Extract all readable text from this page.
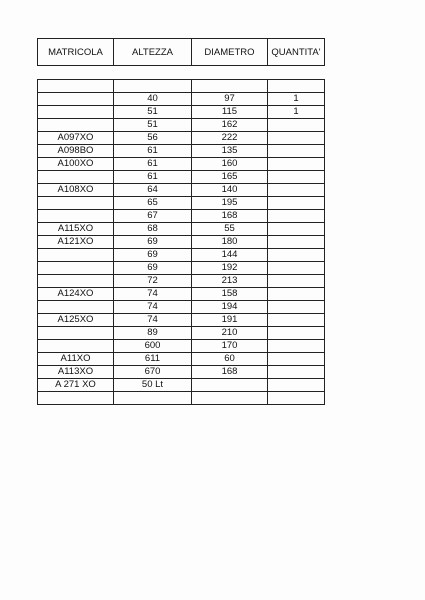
MATRICOLA	ALTEZZA	DIAMETRO	QUANTITA'

	40	97	1
	51	115	1
	51	162	
A097XO	56	222	
A098BO	61	135	
A100XO	61	160	
	61	165	
A108XO	64	140	
	65	195	
	67	168	
A115XO	68	55	
A121XO	69	180	
	69	144	
	69	192	
	72	213	
A124XO	74	158	
	74	194	
A125XO	74	191	
	89	210	
	600	170	
A11XO	611	60	
A113XO	670	168	
A 271 XO	50 Lt		
